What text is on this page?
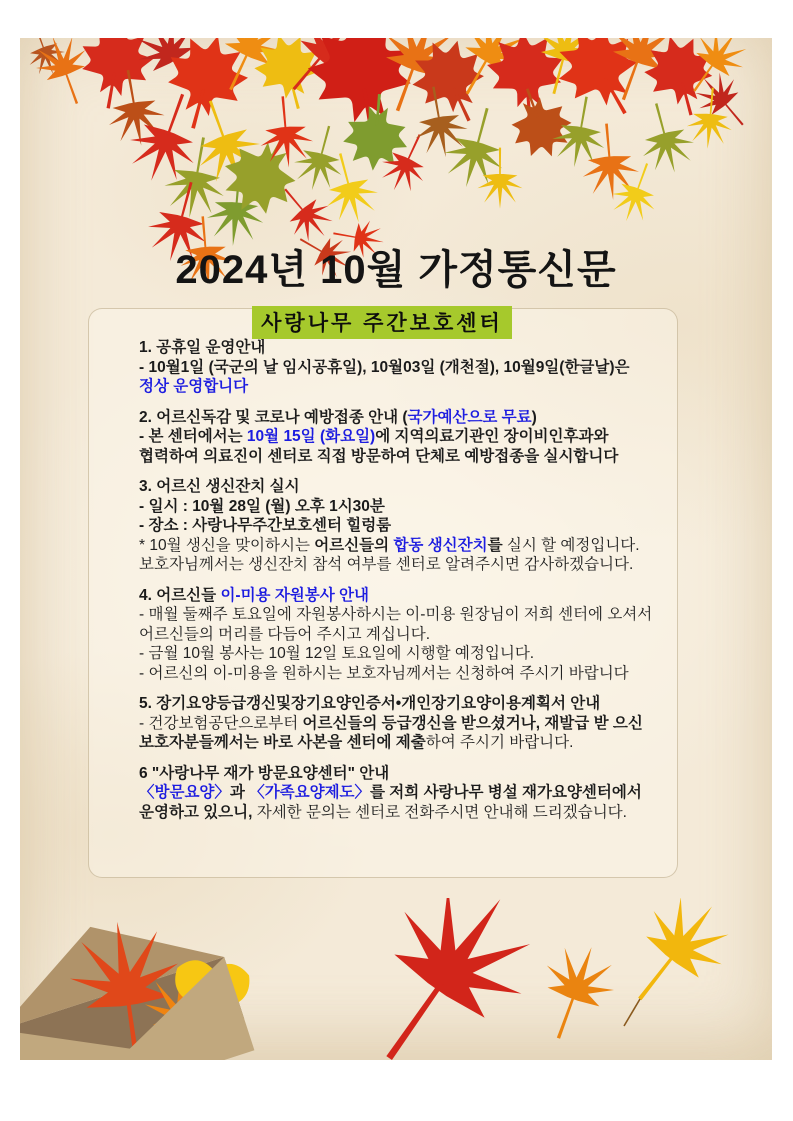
2024년 10월 가정통신문

1. 공휴일 운영안내

- 10월1일 (국군의 날 임시공휴일), 10월03일 (개천절), 10월9일(한글날)은 정상 운영합니다

2. 어르신독감 및 코로나 예방접종 안내 (국가예산으로 무료)

- 본 센터에서는 10월 15일 (화요일)에 지역의료기관인 장이비인후과와 협력하여 의료진이 센터로 직접 방문하여 단체로 예방접종을 실시합니다

3. 어르신 생신잔치 실시

- 일시 : 10월 28일 (월) 오후 1시30분

- 장소 : 사랑나무주간보호센터 힐렁룸

* 10월 생신을 맞이하시는 어르신들의 합동 생신잔치를 실시 할 예정입니다. 보호자님께서는 생신잔치 참석 여부를 센터로 알려주시면 감사하겠습니다.

4. 어르신들 이-미용 자원봉사 안내

- 매월 둘째주 토요일에 자원봉사하시는 이-미용 원장님이 저희 센터에 오셔서 어르신들의 머리를 다듬어 주시고 계십니다.

- 금월 10월 봉사는 10월 12일 토요일에 시행할 예정입니다.

- 어르신의 이-미용을 원하시는 보호자님께서는 신청하여 주시기 바랍니다

5. 장기요양등급갱신및장기요양인증서•개인장기요양이용계획서 안내

- 건강보험공단으로부터 어르신들의 등급갱신을 받으셨거나, 재발급 받 으신 보호자분들께서는 바로 사본을 센터에 제출하여 주시기 바랍니다.

6 "사랑나무 재가 방문요양센터" 안내

〈방문요양〉과 〈가족요양제도〉를 저희 사랑나무 병설 재가요양센터에서 운영하고 있으니, 자세한 문의는 센터로 전화주시면 안내해 드리겠습니다.

사랑나무 주간보호센터
